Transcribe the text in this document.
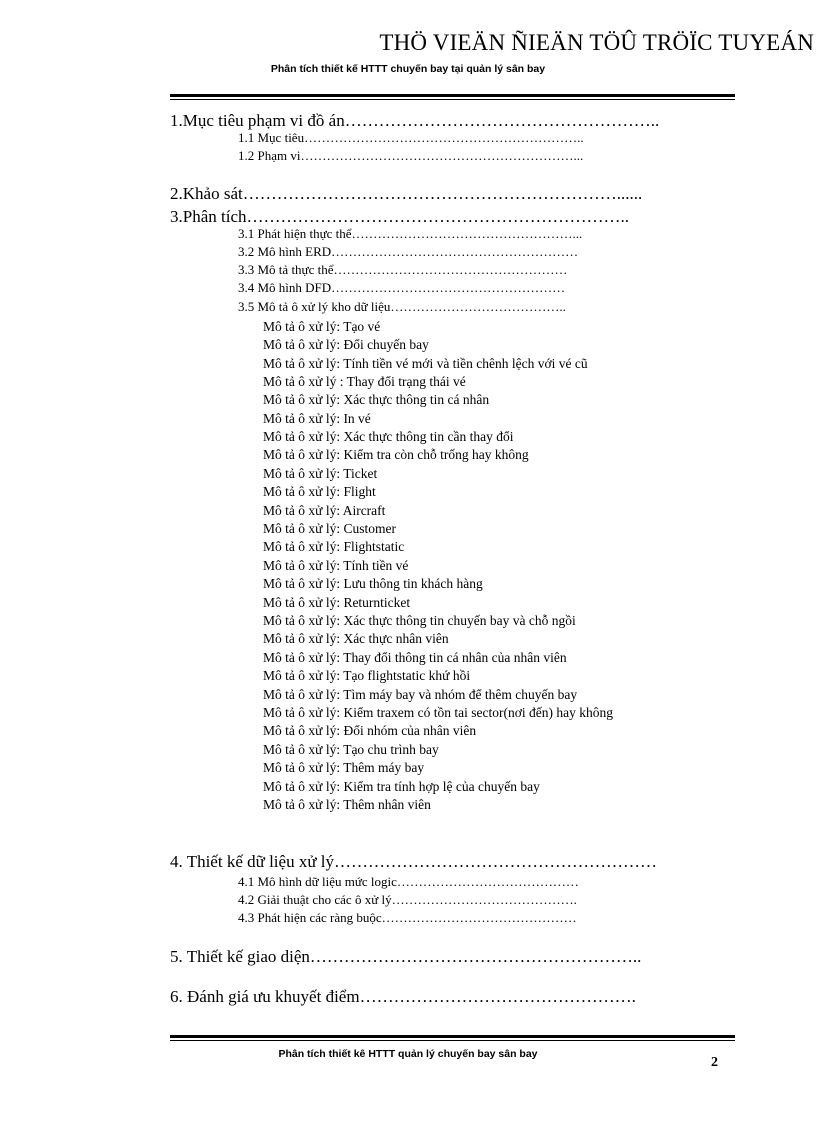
THÖ VIEÄN ÑIEÄN TÖÛ TRÖÏC TUYEÁN
Phân tích thiết kế HTTT chuyến bay tại quản lý sân bay
1.Mục tiêu phạm vi đồ án………………………………………………..
1.1 Mục tiêu………………………………………………………..
1.2 Phạm vi………………………………………………………...
2.Khảo sát…………………………………………………………......
3.Phân tích…………………………………………………………..
3.1 Phát hiện thực thể……………………………………………...
3.2 Mô hình ERD…………………………………………………
3.3 Mô tả thực thể………………………………………………
3.4 Mô hình DFD………………………………………………
3.5 Mô tả ô xử lý kho dữ liệu…………………………………..
Mô tả ô xử lý: Tạo vé
Mô tả ô xử lý: Đổi chuyến bay
Mô tả ô xử lý: Tính tiền vé mới và tiền chênh lệch với vé cũ
Mô tả ô xử lý : Thay đổi trạng thái vé
Mô tả ô xử lý: Xác thực thông tin cá nhân
Mô tả ô xử lý: In vé
Mô tả ô xử lý: Xác thực thông tin cần thay đổi
Mô tả ô xử lý: Kiểm tra còn chỗ trống hay không
Mô tả ô xử lý: Ticket
Mô tả ô xử lý: Flight
Mô tả ô xử lý: Aircraft
Mô tả ô xử lý: Customer
Mô tả ô xử lý: Flightstatic
Mô tả ô xử lý: Tính tiền vé
Mô tả ô xử lý: Lưu thông tin khách hàng
Mô tả ô xử lý: Returnticket
Mô tả ô xử lý: Xác thực thông tin chuyến bay và chỗ ngồi
Mô tả ô xử lý: Xác thực nhân viên
Mô tả ô xử lý: Thay đổi thông tin cá nhân của nhân viên
Mô tả ô xử lý: Tạo flightstatic khứ hồi
Mô tả ô xử lý: Tìm máy bay và nhóm để thêm chuyến bay
Mô tả ô xử lý: Kiểm traxem có tồn tai sector(nơi đến) hay không
Mô tả ô xử lý: Đổi nhóm của nhân viên
Mô tả ô xử lý: Tạo chu trình bay
Mô tả ô xử lý: Thêm máy bay
Mô tả ô xử lý: Kiểm tra tính hợp lệ của chuyến bay
Mô tả ô xử lý: Thêm nhân viên
4. Thiết kế dữ liệu xử lý…………………………………………………
4.1 Mô hình dữ liệu mức logic……………………………………
4.2 Giải thuật cho các ô xử lý…………………………………….
4.3 Phát hiện các ràng buộc………………………………………
5. Thiết kế giao diện…………………………………………………..
6. Đánh giá ưu khuyết điểm………………………………………….
Phân tích thiết kê HTTT quản lý chuyến bay sân bay
2
